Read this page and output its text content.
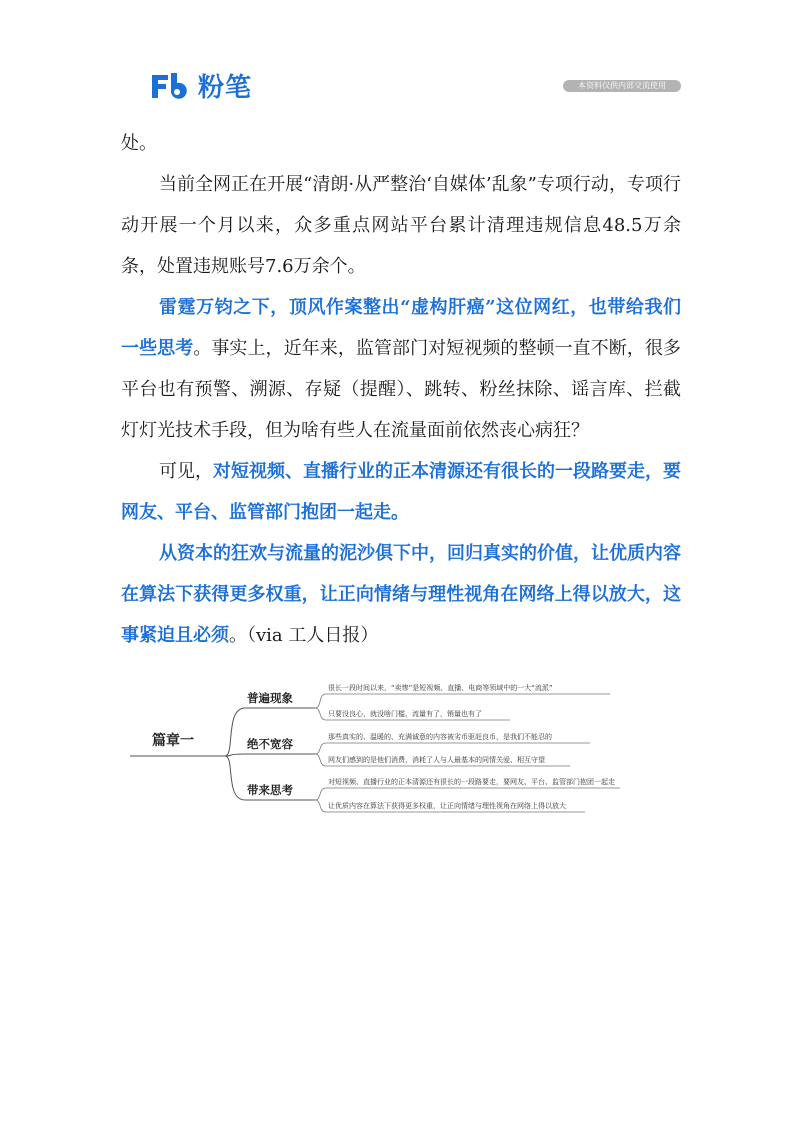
粉笔	本资料仅供内部交流使用

处。

当前全网正在开展“清朗·从严整治‘自媒体’乱象”专项行动，专项行动开展一个月以来，众多重点网站平台累计清理违规信息48.5万余条，处置违规账号7.6万余个。

雷霆万钧之下，顶风作案整出“虚构肝癌”这位网红，也带给我们一些思考。事实上，近年来，监管部门对短视频的整顿一直不断，很多平台也有预警、溯源、存疑（提醒）、跳转、粉丝抹除、谣言库、拦截灯灯光技术手段，但为啥有些人在流量面前依然丧心病狂？

可见，对短视频、直播行业的正本清源还有很长的一段路要走，要网友、平台、监管部门抱团一起走。

从资本的狂欢与流量的泥沙俱下中，回归真实的价值，让优质内容在算法下获得更多权重，让正向情绪与理性视角在网络上得以放大，这事紧迫且必须。（via 工人日报）

篇章一
普遍现象
绝不宽容
带来思考
很长一段时间以来，“卖惨”是短视频、直播、电商等领域中的一大“流派”
只要没良心，就没啥门槛，流量有了，销量也有了
那些真实的、温暖的、充满诚意的内容被劣币驱赶良币，是我们不能忍的
网友们感到的是他们消费，消耗了人与人最基本的同情关爱、相互守望
对短视频、直播行业的正本清源还有很长的一段路要走，要网友、平台、监管部门抱团一起走
让优质内容在算法下获得更多权重，让正向情绪与理性视角在网络上得以放大
